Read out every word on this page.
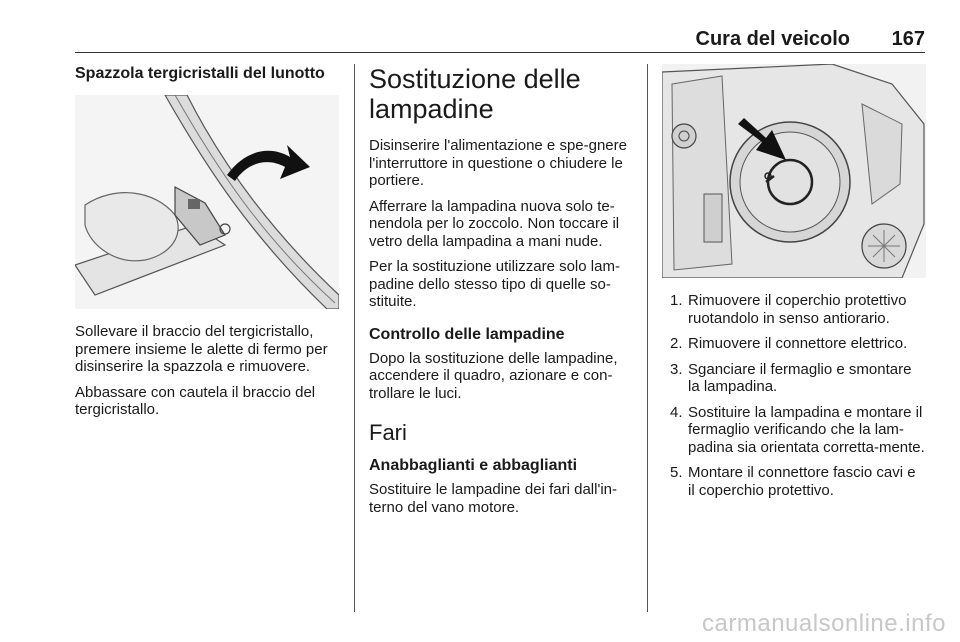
Cura del veicolo 167
Spazzola tergicristalli del lunotto

Sollevare il braccio del tergicristallo, premere insieme le alette di fermo per disinserire la spazzola e rimuovere.

Abbassare con cautela il braccio del tergicristallo.

Sostituzione delle lampadine

Disinserire l'alimentazione e spe-gnere l'interruttore in questione o chiudere le portiere.

Afferrare la lampadina nuova solo te-nendola per lo zoccolo. Non toccare il vetro della lampadina a mani nude.

Per la sostituzione utilizzare solo lam-padine dello stesso tipo di quelle so-stituite.

Controllo delle lampadine

Dopo la sostituzione delle lampadine, accendere il quadro, azionare e con-trollare le luci.

Fari
Anabbaglianti e abbaglianti

Sostituire le lampadine dei fari dall'in-terno del vano motore.

1. Rimuovere il coperchio protettivo ruotandolo in senso antiorario.
2. Rimuovere il connettore elettrico.
3. Sganciare il fermaglio e smontare la lampadina.
4. Sostituire la lampadina e montare il fermaglio verificando che la lam-padina sia orientata corretta-mente.
5. Montare il connettore fascio cavi e il coperchio protettivo.
carmanualsonline.info
